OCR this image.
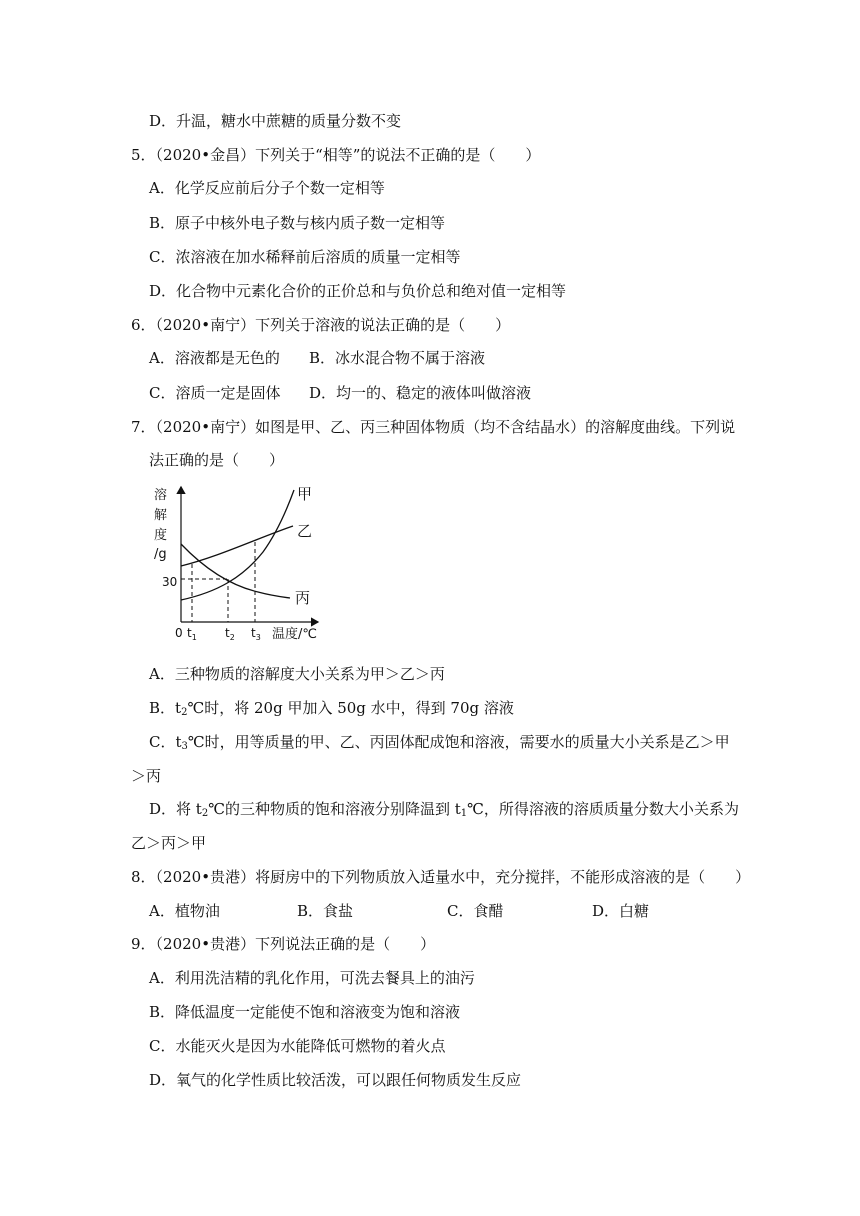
D．升温，糖水中蔗糖的质量分数不变
5．（2020•金昌）下列关于“相等”的说法不正确的是（　　）
A．化学反应前后分子个数一定相等
B．原子中核外电子数与核内质子数一定相等
C．浓溶液在加水稀释前后溶质的质量一定相等
D．化合物中元素化合价的正价总和与负价总和绝对值一定相等
6．（2020•南宁）下列关于溶液的说法正确的是（　　）
A．溶液都是无色的 B．冰水混合物不属于溶液
C．溶质一定是固体 D．均一的、稳定的液体叫做溶液
7．（2020•南宁）如图是甲、乙、丙三种固体物质（均不含结晶水）的溶解度曲线。下列说
法正确的是（　　）
溶
解
度
/g
30
0 $t_1$ $t_2$ $t_3$ 温度/℃
甲
乙
丙
A．三种物质的溶解度大小关系为甲＞乙＞丙
B．$t_2℃$时，将 20g 甲加入 50g 水中，得到 70g 溶液
C．$t_3℃$时，用等质量的甲、乙、丙固体配成饱和溶液，需要水的质量大小关系是乙＞甲
＞丙
D．将 $t_2℃$的三种物质的饱和溶液分别降温到 $t_1℃$，所得溶液的溶质质量分数大小关系为
乙＞丙＞甲
8．（2020•贵港）将厨房中的下列物质放入适量水中，充分搅拌，不能形成溶液的是（　　）
A．植物油	B．食盐	C．食醋	D．白糖
9．（2020•贵港）下列说法正确的是（　　）
A．利用洗洁精的乳化作用，可洗去餐具上的油污
B．降低温度一定能使不饱和溶液变为饱和溶液
C．水能灭火是因为水能降低可燃物的着火点
D．氧气的化学性质比较活泼，可以跟任何物质发生反应
